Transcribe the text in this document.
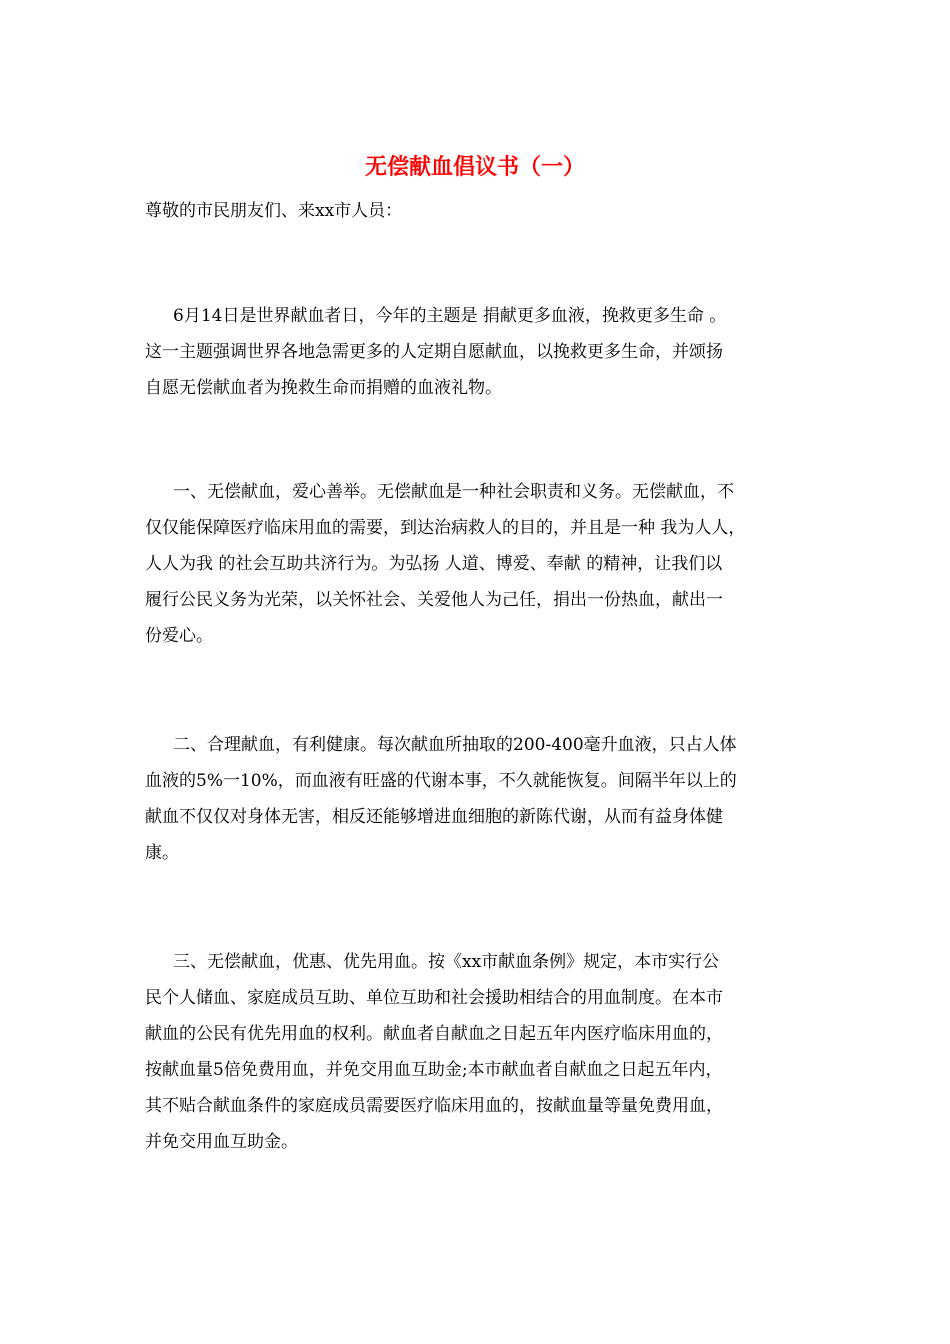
无偿献血倡议书（一）
尊敬的市民朋友们、来xx市人员：
6月14日是世界献血者日，今年的主题是 捐献更多血液，挽救更多生命 。
这一主题强调世界各地急需更多的人定期自愿献血，以挽救更多生命，并颂扬
自愿无偿献血者为挽救生命而捐赠的血液礼物。
一、无偿献血，爱心善举。无偿献血是一种社会职责和义务。无偿献血，不
仅仅能保障医疗临床用血的需要，到达治病救人的目的，并且是一种 我为人人，
人人为我 的社会互助共济行为。为弘扬 人道、博爱、奉献 的精神，让我们以
履行公民义务为光荣，以关怀社会、关爱他人为己任，捐出一份热血，献出一
份爱心。
二、合理献血，有利健康。每次献血所抽取的200-400毫升血液，只占人体
血液的5%一10%，而血液有旺盛的代谢本事，不久就能恢复。间隔半年以上的
献血不仅仅对身体无害，相反还能够增进血细胞的新陈代谢，从而有益身体健
康。
三、无偿献血，优惠、优先用血。按《xx市献血条例》规定，本市实行公
民个人储血、家庭成员互助、单位互助和社会援助相结合的用血制度。在本市
献血的公民有优先用血的权利。献血者自献血之日起五年内医疗临床用血的，
按献血量5倍免费用血，并免交用血互助金;本市献血者自献血之日起五年内，
其不贴合献血条件的家庭成员需要医疗临床用血的，按献血量等量免费用血，
并免交用血互助金。
